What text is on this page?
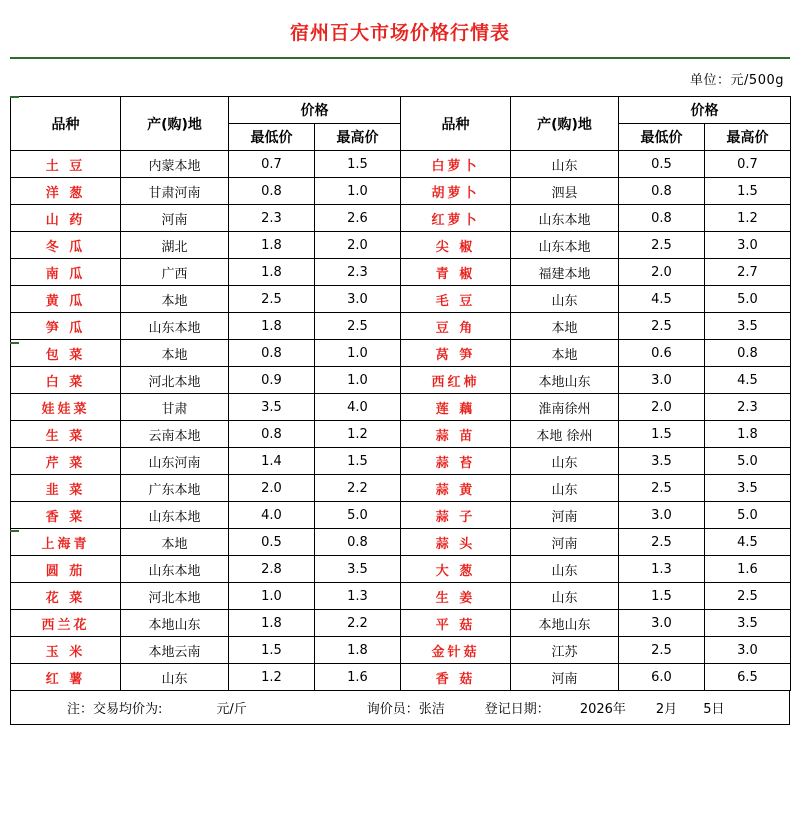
宿州百大市场价格行情表
单位：元/500g
品种	产(购)地	价格		品种	产(购)地	价格	
		最低价	最高价			最低价	最高价
土 豆	内蒙本地	0.7	1.5	白萝卜	山东	0.5	0.7
洋 葱	甘肃河南	0.8	1.0	胡萝卜	泗县	0.8	1.5
山 药	河南	2.3	2.6	红萝卜	山东本地	0.8	1.2
冬 瓜	湖北	1.8	2.0	尖 椒	山东本地	2.5	3.0
南 瓜	广西	1.8	2.3	青 椒	福建本地	2.0	2.7
黄 瓜	本地	2.5	3.0	毛 豆	山东	4.5	5.0
笋 瓜	山东本地	1.8	2.5	豆 角	本地	2.5	3.5
包 菜	本地	0.8	1.0	莴 笋	本地	0.6	0.8
白 菜	河北本地	0.9	1.0	西红柿	本地山东	3.0	4.5
娃娃菜	甘肃	3.5	4.0	莲 藕	淮南徐州	2.0	2.3
生 菜	云南本地	0.8	1.2	蒜 苗	本地 徐州	1.5	1.8
芹 菜	山东河南	1.4	1.5	蒜 苔	山东	3.5	5.0
韭 菜	广东本地	2.0	2.2	蒜 黄	山东	2.5	3.5
香 菜	山东本地	4.0	5.0	蒜 子	河南	3.0	5.0
上海青	本地	0.5	0.8	蒜 头	河南	2.5	4.5
圆 茄	山东本地	2.8	3.5	大 葱	山东	1.3	1.6
花 菜	河北本地	1.0	1.3	生 姜	山东	1.5	2.5
西兰花	本地山东	1.8	2.2	平 菇	本地山东	3.0	3.5
玉 米	本地云南	1.5	1.8	金针菇	江苏	2.5	3.0
红 薯	山东	1.2	1.6	香 菇	河南	6.0	6.5
注：交易均价为:	元/斤	询价员：张洁	登记日期：	2026年	2月	5日
